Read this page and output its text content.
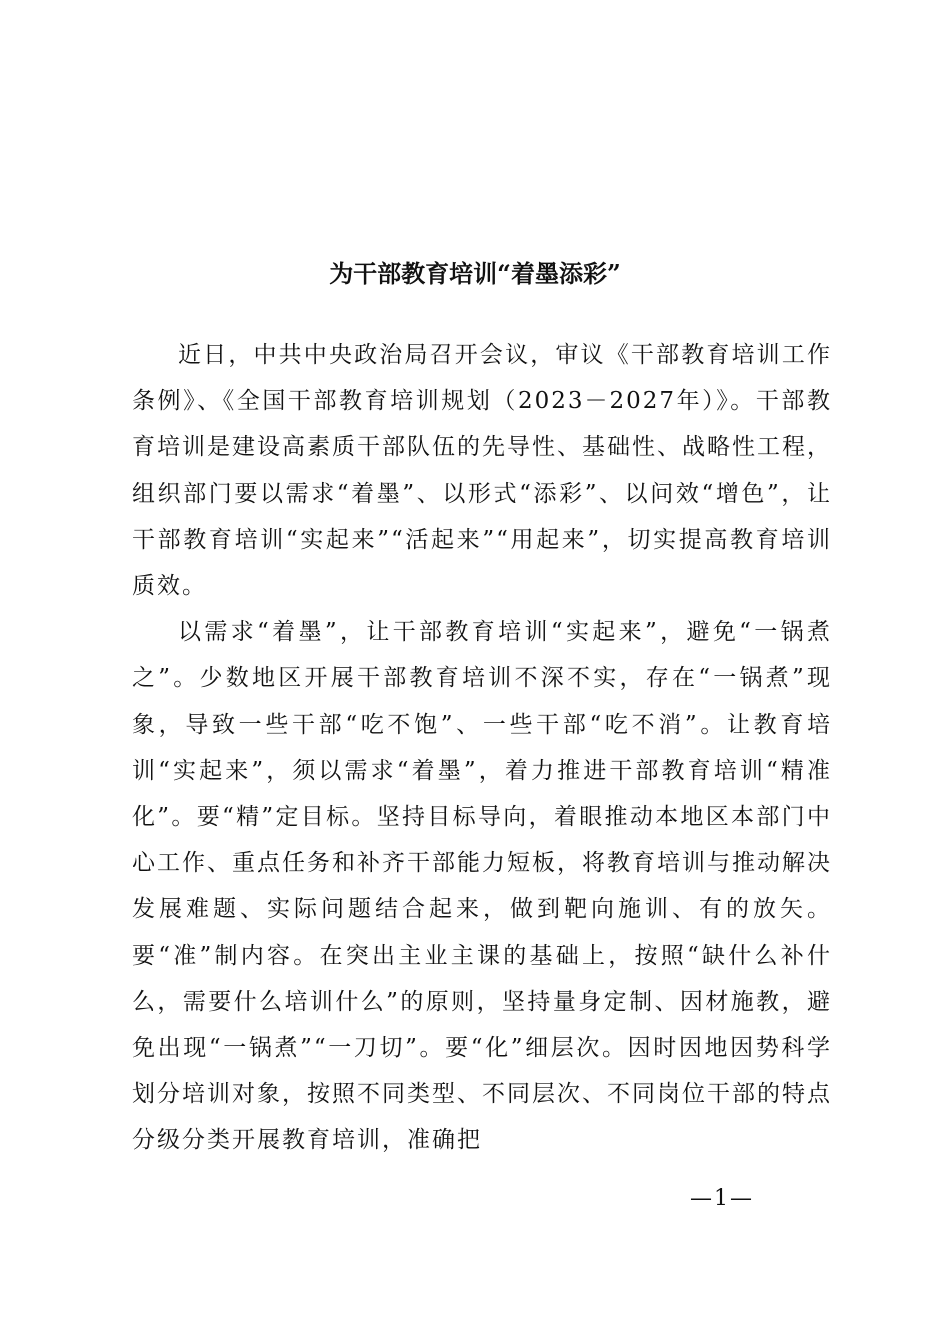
为干部教育培训“着墨添彩”

近日，中共中央政治局召开会议，审议《干部教育培训工作条例》、《全国干部教育培训规划（2023－2027年）》。干部教育培训是建设高素质干部队伍的先导性、基础性、战略性工程，组织部门要以需求“着墨”、以形式“添彩”、以问效“增色”，让干部教育培训“实起来”“活起来”“用起来”，切实提高教育培训质效。

以需求“着墨”，让干部教育培训“实起来”，避免“一锅煮之”。少数地区开展干部教育培训不深不实，存在“一锅煮”现象，导致一些干部“吃不饱”、一些干部“吃不消”。让教育培训“实起来”，须以需求“着墨”，着力推进干部教育培训“精准化”。要“精”定目标。坚持目标导向，着眼推动本地区本部门中心工作、重点任务和补齐干部能力短板，将教育培训与推动解决发展难题、实际问题结合起来，做到靶向施训、有的放矢。要“准”制内容。在突出主业主课的基础上，按照“缺什么补什么，需要什么培训什么”的原则，坚持量身定制、因材施教，避免出现“一锅煮”“一刀切”。要“化”细层次。因时因地因势科学划分培训对象，按照不同类型、不同层次、不同岗位干部的特点分级分类开展教育培训，准确把

—1—
